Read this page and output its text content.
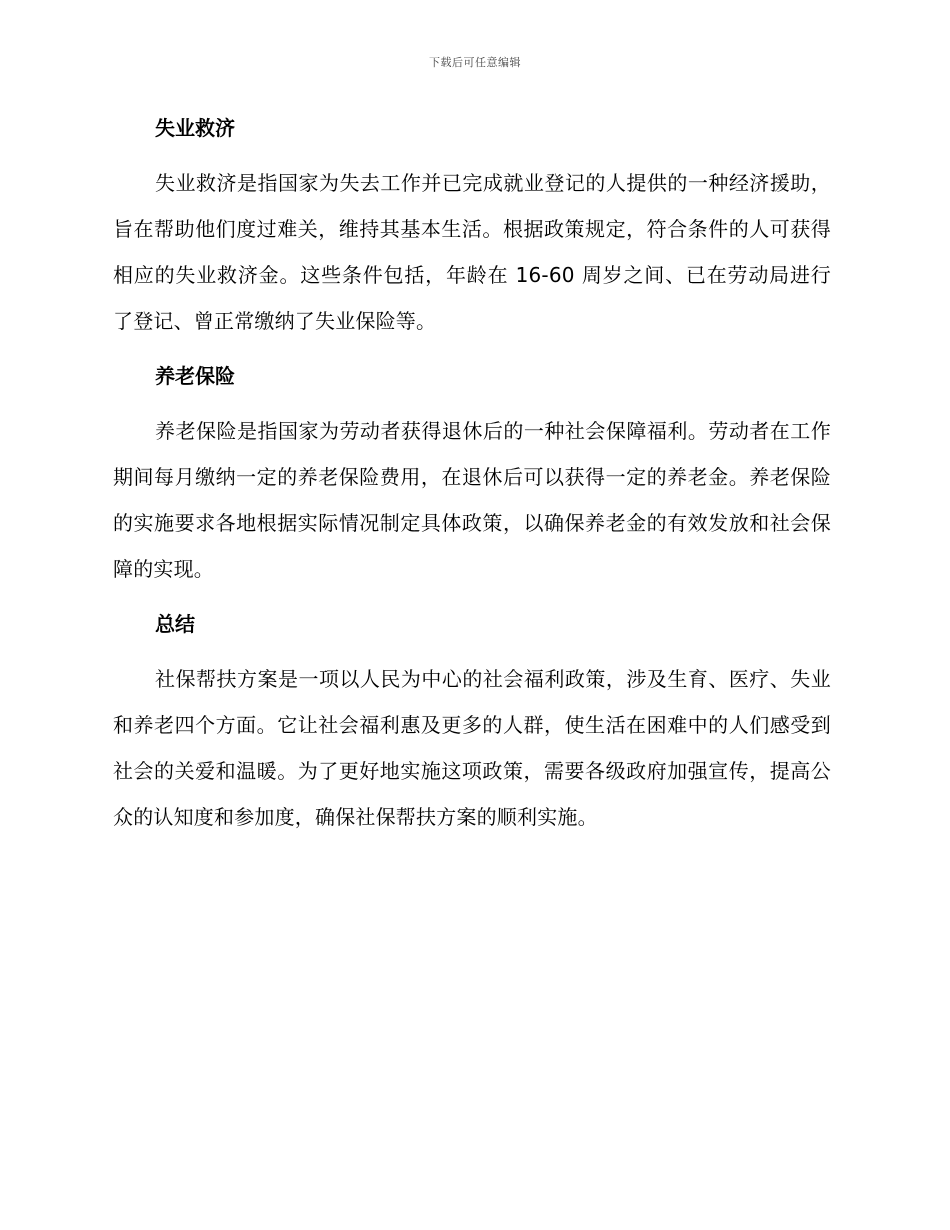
下载后可任意编辑
失业救济

失业救济是指国家为失去工作并已完成就业登记的人提供的一种经济援助，旨在帮助他们度过难关，维持其基本生活。根据政策规定，符合条件的人可获得相应的失业救济金。这些条件包括，年龄在 16-60 周岁之间、已在劳动局进行了登记、曾正常缴纳了失业保险等。

养老保险

养老保险是指国家为劳动者获得退休后的一种社会保障福利。劳动者在工作期间每月缴纳一定的养老保险费用，在退休后可以获得一定的养老金。养老保险的实施要求各地根据实际情况制定具体政策，以确保养老金的有效发放和社会保障的实现。

总结

社保帮扶方案是一项以人民为中心的社会福利政策，涉及生育、医疗、失业和养老四个方面。它让社会福利惠及更多的人群，使生活在困难中的人们感受到社会的关爱和温暖。为了更好地实施这项政策，需要各级政府加强宣传，提高公众的认知度和参加度，确保社保帮扶方案的顺利实施。
